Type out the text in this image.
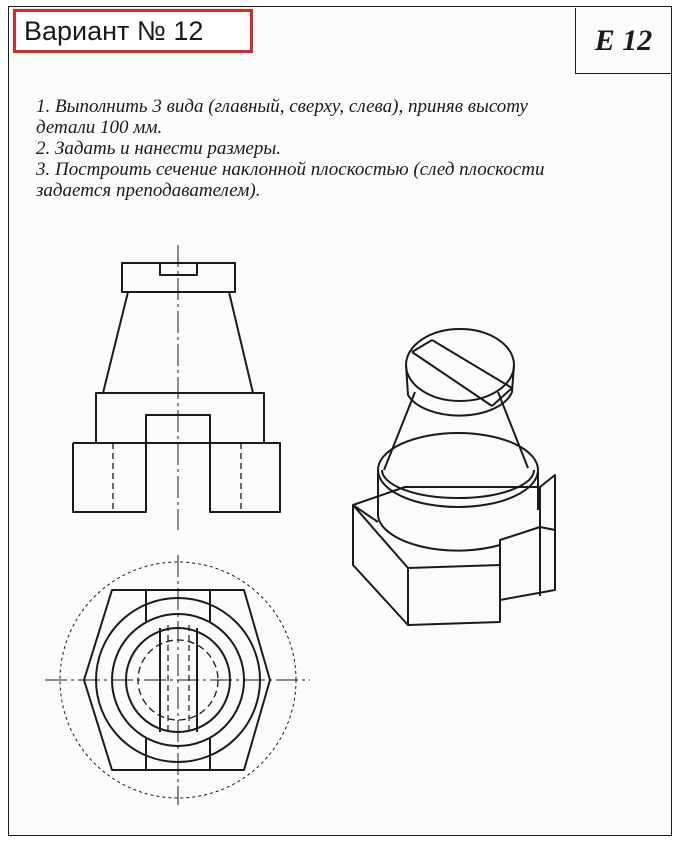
Вариант № 12	E 12
1. Выполнить 3 вида (главный, сверху, слева), приняв высоту
детали 100 мм.
2. Задать и нанести размеры.
3. Построить сечение наклонной плоскостью (след плоскости
задается преподавателем).
